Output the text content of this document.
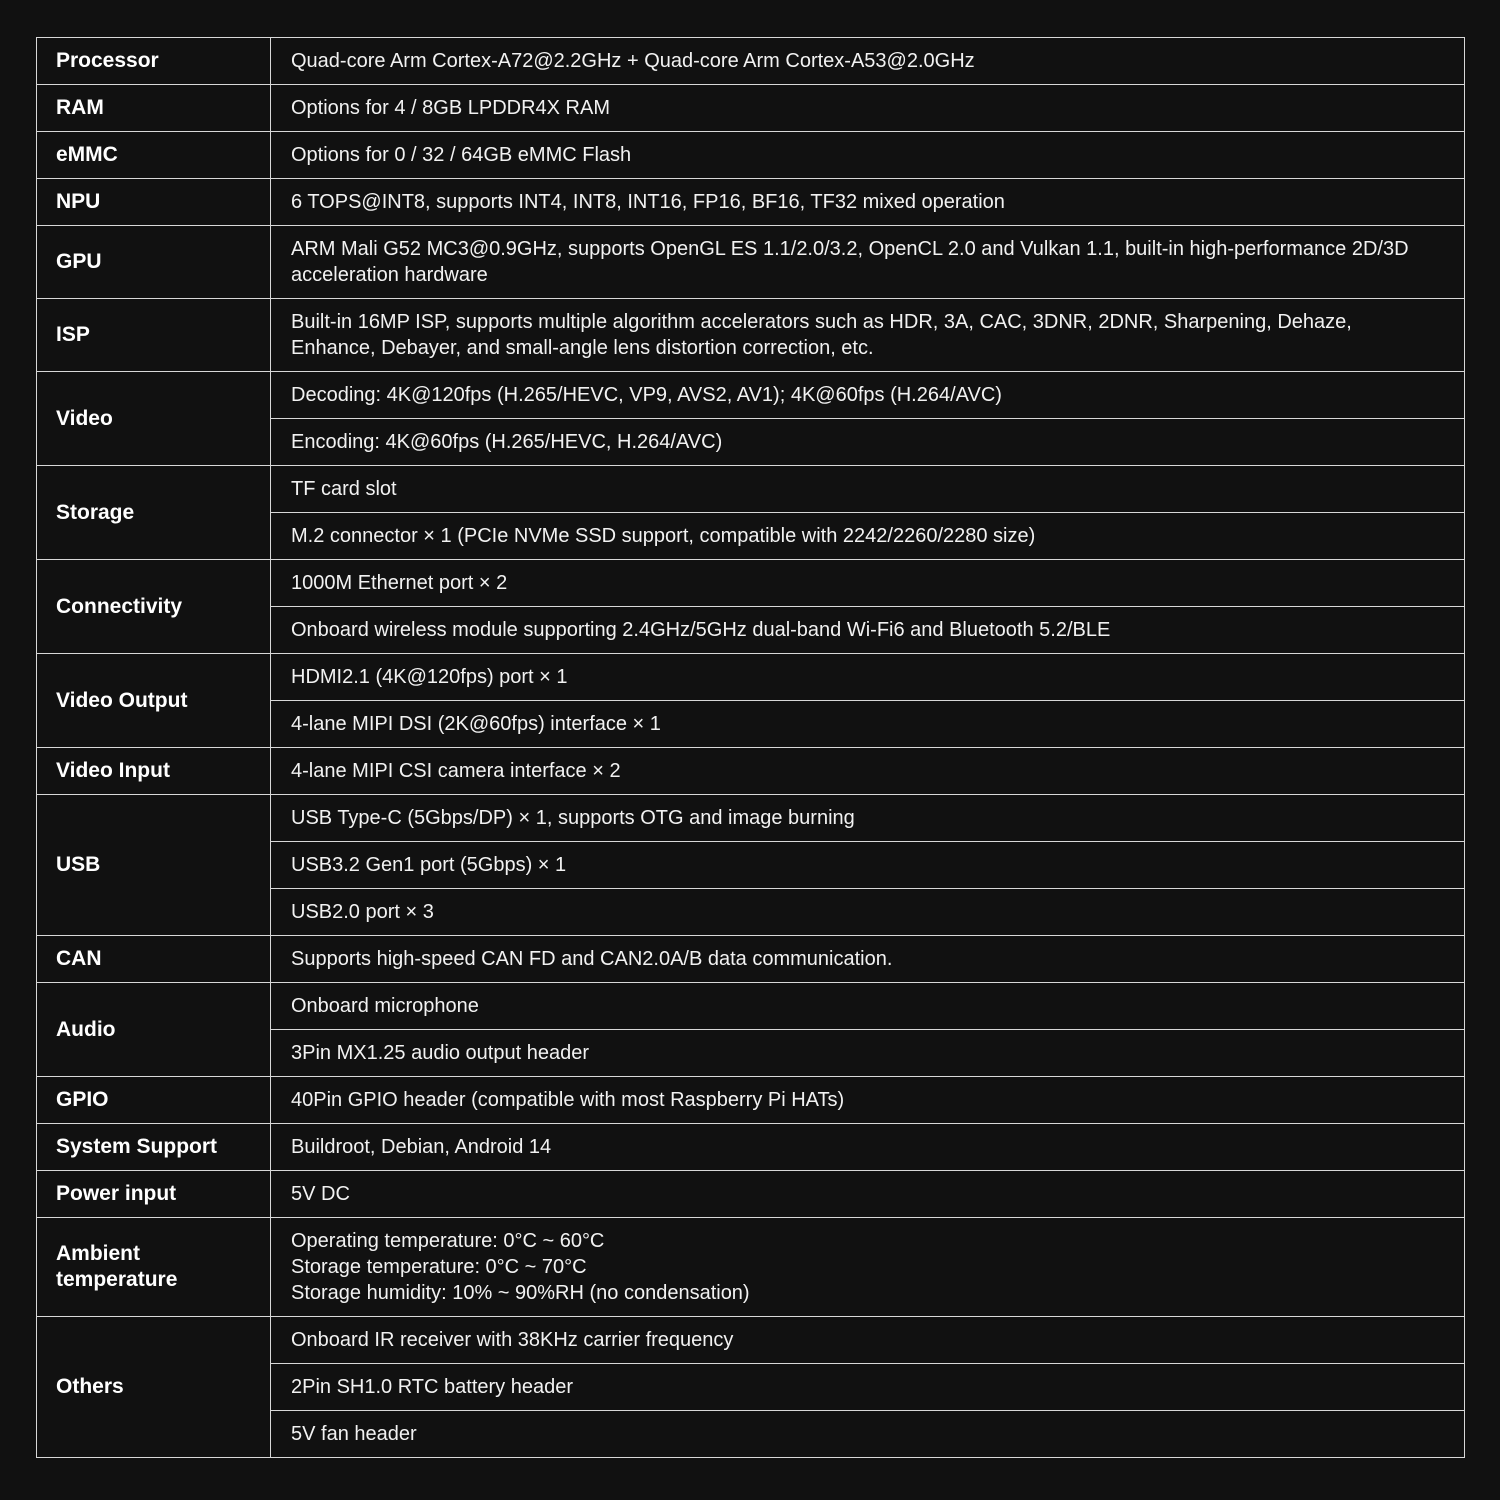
Processor	Quad-core Arm Cortex-A72@2.2GHz + Quad-core Arm Cortex-A53@2.0GHz

RAM	Options for 4 / 8GB LPDDR4X RAM

eMMC	Options for 0 / 32 / 64GB eMMC Flash

NPU	6 TOPS@INT8, supports INT4, INT8, INT16, FP16, BF16, TF32 mixed operation

GPU	ARM Mali G52 MC3@0.9GHz, supports OpenGL ES 1.1/2.0/3.2, OpenCL 2.0 and Vulkan 1.1, built-in high-performance 2D/3D
acceleration hardware

ISP	Built-in 16MP ISP, supports multiple algorithm accelerators such as HDR, 3A, CAC, 3DNR, 2DNR, Sharpening, Dehaze,
Enhance, Debayer, and small-angle lens distortion correction, etc.

Video	Decoding: 4K@120fps (H.265/HEVC, VP9, AVS2, AV1); 4K@60fps (H.264/AVC)

	Encoding: 4K@60fps (H.265/HEVC, H.264/AVC)

Storage	TF card slot

	M.2 connector × 1 (PCIe NVMe SSD support, compatible with 2242/2260/2280 size)

Connectivity	1000M Ethernet port × 2

	Onboard wireless module supporting 2.4GHz/5GHz dual-band Wi-Fi6 and Bluetooth 5.2/BLE

Video Output	HDMI2.1 (4K@120fps) port × 1

	4-lane MIPI DSI (2K@60fps) interface × 1

Video Input	4-lane MIPI CSI camera interface × 2

USB	USB Type-C (5Gbps/DP) × 1, supports OTG and image burning

	USB3.2 Gen1 port (5Gbps) × 1

	USB2.0 port × 3

CAN	Supports high-speed CAN FD and CAN2.0A/B data communication.

Audio	Onboard microphone

	3Pin MX1.25 audio output header

GPIO	40Pin GPIO header (compatible with most Raspberry Pi HATs)

System Support	Buildroot, Debian, Android 14

Power input	5V DC

Ambient
temperature	Operating temperature: 0°C ~ 60°C
Storage temperature: 0°C ~ 70°C
Storage humidity: 10% ~ 90%RH (no condensation)

Others	Onboard IR receiver with 38KHz carrier frequency

	2Pin SH1.0 RTC battery header

	5V fan header
